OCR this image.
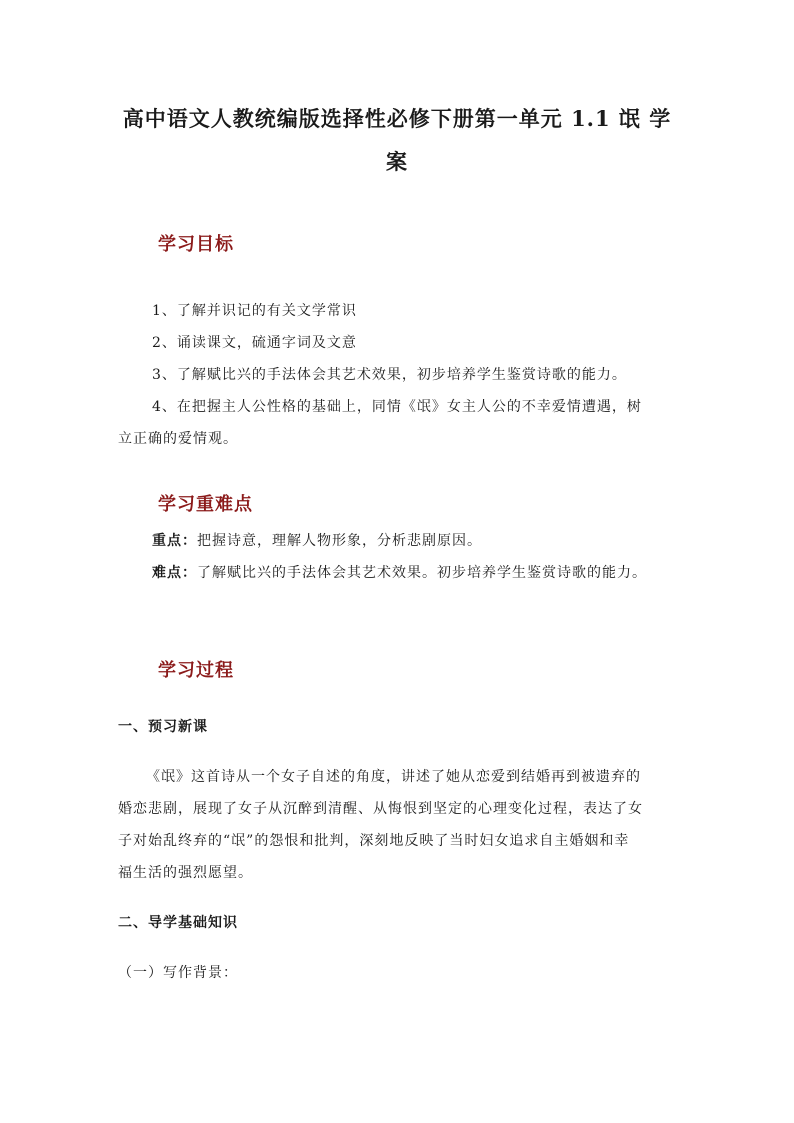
高中语文人教统编版选择性必修下册第一单元 1.1 氓 学
案
学习目标
1、了解并识记的有关文学常识
2、诵读课文，硫通字词及文意
3、了解赋比兴的手法体会其艺术效果，初步培养学生鉴赏诗歌的能力。
4、在把握主人公性格的基础上，同情《氓》女主人公的不幸爱情遭遇，树
立正确的爱情观。
学习重难点
重点：把握诗意，理解人物形象，分析悲剧原因。
难点：了解赋比兴的手法体会其艺术效果。初步培养学生鉴赏诗歌的能力。
学习过程
一、预习新课
《氓》这首诗从一个女子自述的角度，讲述了她从恋爱到结婚再到被遗弃的
婚恋悲剧，展现了女子从沉醉到清醒、从悔恨到坚定的心理变化过程，表达了女
子对始乱终弃的“氓”的怨恨和批判，深刻地反映了当时妇女追求自主婚姻和幸
福生活的强烈愿望。
二、导学基础知识
（一）写作背景：
